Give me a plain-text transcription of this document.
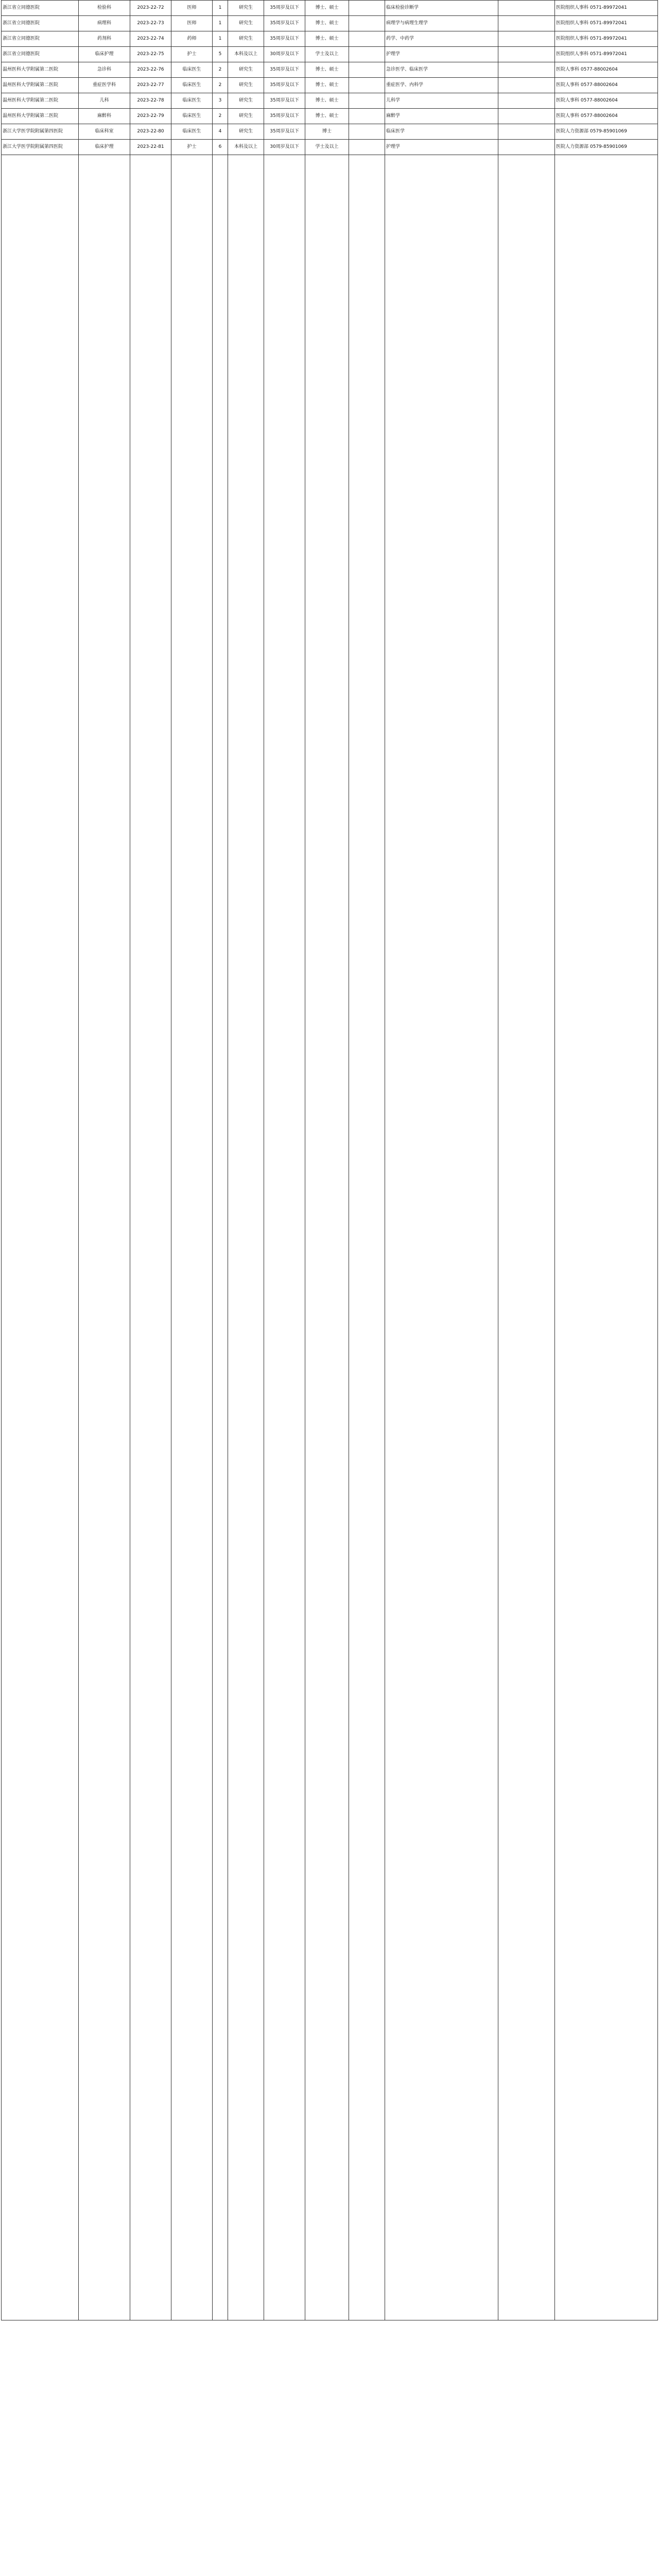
浙江省立同德医院	检验科	2023-22-72	医师	1	研究生	35周岁及以下	博士、硕士		临床检验诊断学		医院组织人事科 0571-89972041
浙江省立同德医院	病理科	2023-22-73	医师	1	研究生	35周岁及以下	博士、硕士		病理学与病理生理学		医院组织人事科 0571-89972041
浙江省立同德医院	药剂科	2023-22-74	药师	1	研究生	35周岁及以下	博士、硕士		药学、中药学		医院组织人事科 0571-89972041
浙江省立同德医院	临床护理	2023-22-75	护士	5	本科及以上	30周岁及以下	学士及以上		护理学		医院组织人事科 0571-89972041
温州医科大学附属第二医院	急诊科	2023-22-76	临床医生	2	研究生	35周岁及以下	博士、硕士		急诊医学、临床医学		医院人事科 0577-88002604
温州医科大学附属第二医院	重症医学科	2023-22-77	临床医生	2	研究生	35周岁及以下	博士、硕士		重症医学、内科学		医院人事科 0577-88002604
温州医科大学附属第二医院	儿科	2023-22-78	临床医生	3	研究生	35周岁及以下	博士、硕士		儿科学		医院人事科 0577-88002604
温州医科大学附属第二医院	麻醉科	2023-22-79	临床医生	2	研究生	35周岁及以下	博士、硕士		麻醉学		医院人事科 0577-88002604
浙江大学医学院附属第四医院	临床科室	2023-22-80	临床医生	4	研究生	35周岁及以下	博士		临床医学		医院人力资源部 0579-85901069
浙江大学医学院附属第四医院	临床护理	2023-22-81	护士	6	本科及以上	30周岁及以下	学士及以上		护理学		医院人力资源部 0579-85901069
